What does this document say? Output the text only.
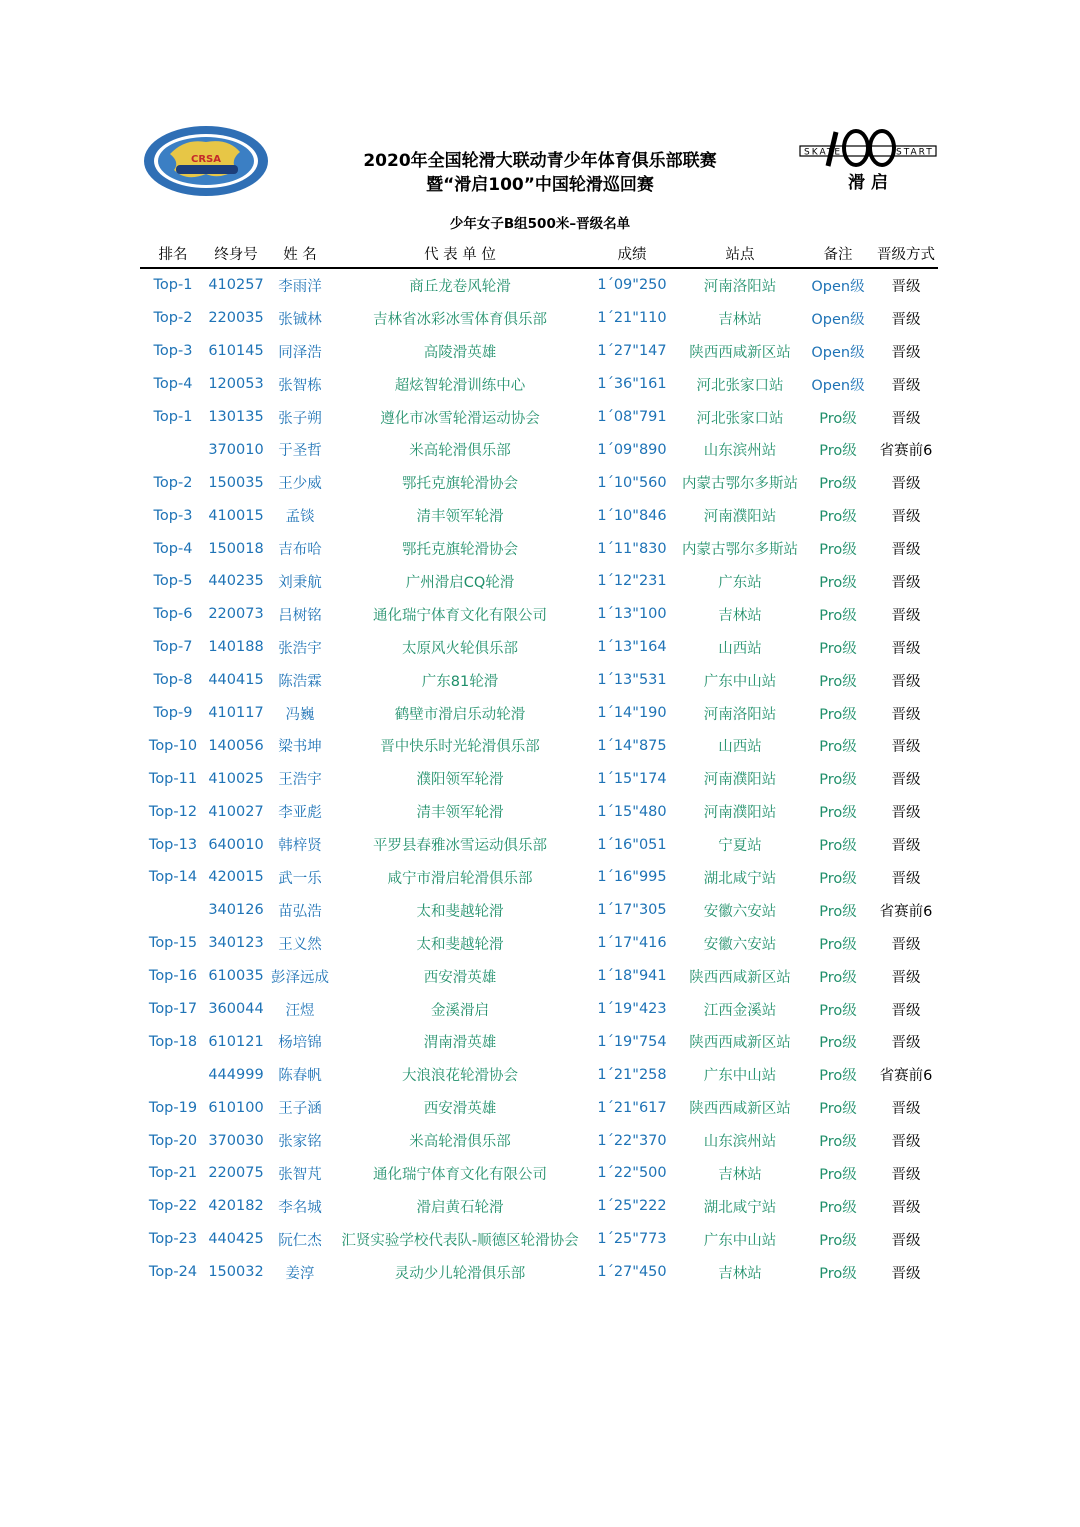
CRSA
SKATE	START
滑 启
2020年全国轮滑大联动青少年体育俱乐部联赛
暨“滑启100”中国轮滑巡回赛
少年女子B组500米–晋级名单
排名	终身号	姓 名	代 表 单 位	成绩	站点	备注	晋级方式
Top-1	410257	李雨洋	商丘龙卷风轮滑	1´09"250	河南洛阳站	Open级	晋级
Top-2	220035	张铖林	吉林省冰彩冰雪体育俱乐部	1´21"110	吉林站	Open级	晋级
Top-3	610145	同泽浩	高陵滑英雄	1´27"147	陕西西咸新区站	Open级	晋级
Top-4	120053	张智栋	超炫智轮滑训练中心	1´36"161	河北张家口站	Open级	晋级
Top-1	130135	张子朔	遵化市冰雪轮滑运动协会	1´08"791	河北张家口站	Pro级	晋级
	370010	于圣哲	米高轮滑俱乐部	1´09"890	山东滨州站	Pro级	省赛前6
Top-2	150035	王少威	鄂托克旗轮滑协会	1´10"560	内蒙古鄂尔多斯站	Pro级	晋级
Top-3	410015	孟锬	清丰领军轮滑	1´10"846	河南濮阳站	Pro级	晋级
Top-4	150018	吉布哈	鄂托克旗轮滑协会	1´11"830	内蒙古鄂尔多斯站	Pro级	晋级
Top-5	440235	刘秉航	广州滑启CQ轮滑	1´12"231	广东站	Pro级	晋级
Top-6	220073	吕树铭	通化瑞宁体育文化有限公司	1´13"100	吉林站	Pro级	晋级
Top-7	140188	张浩宇	太原风火轮俱乐部	1´13"164	山西站	Pro级	晋级
Top-8	440415	陈浩霖	广东81轮滑	1´13"531	广东中山站	Pro级	晋级
Top-9	410117	冯巍	鹤壁市滑启乐动轮滑	1´14"190	河南洛阳站	Pro级	晋级
Top-10	140056	梁书坤	晋中快乐时光轮滑俱乐部	1´14"875	山西站	Pro级	晋级
Top-11	410025	王浩宇	濮阳领军轮滑	1´15"174	河南濮阳站	Pro级	晋级
Top-12	410027	李亚彪	清丰领军轮滑	1´15"480	河南濮阳站	Pro级	晋级
Top-13	640010	韩梓贤	平罗县春雅冰雪运动俱乐部	1´16"051	宁夏站	Pro级	晋级
Top-14	420015	武一乐	咸宁市滑启轮滑俱乐部	1´16"995	湖北咸宁站	Pro级	晋级
	340126	苗弘浩	太和斐越轮滑	1´17"305	安徽六安站	Pro级	省赛前6
Top-15	340123	王义然	太和斐越轮滑	1´17"416	安徽六安站	Pro级	晋级
Top-16	610035	彭泽远成	西安滑英雄	1´18"941	陕西西咸新区站	Pro级	晋级
Top-17	360044	汪煜	金溪滑启	1´19"423	江西金溪站	Pro级	晋级
Top-18	610121	杨培锦	渭南滑英雄	1´19"754	陕西西咸新区站	Pro级	晋级
	444999	陈春帆	大浪浪花轮滑协会	1´21"258	广东中山站	Pro级	省赛前6
Top-19	610100	王子涵	西安滑英雄	1´21"617	陕西西咸新区站	Pro级	晋级
Top-20	370030	张家铭	米高轮滑俱乐部	1´22"370	山东滨州站	Pro级	晋级
Top-21	220075	张智芃	通化瑞宁体育文化有限公司	1´22"500	吉林站	Pro级	晋级
Top-22	420182	李名城	滑启黄石轮滑	1´25"222	湖北咸宁站	Pro级	晋级
Top-23	440425	阮仁杰	汇贤实验学校代表队-顺德区轮滑协会	1´25"773	广东中山站	Pro级	晋级
Top-24	150032	姜淳	灵动少儿轮滑俱乐部	1´27"450	吉林站	Pro级	晋级
